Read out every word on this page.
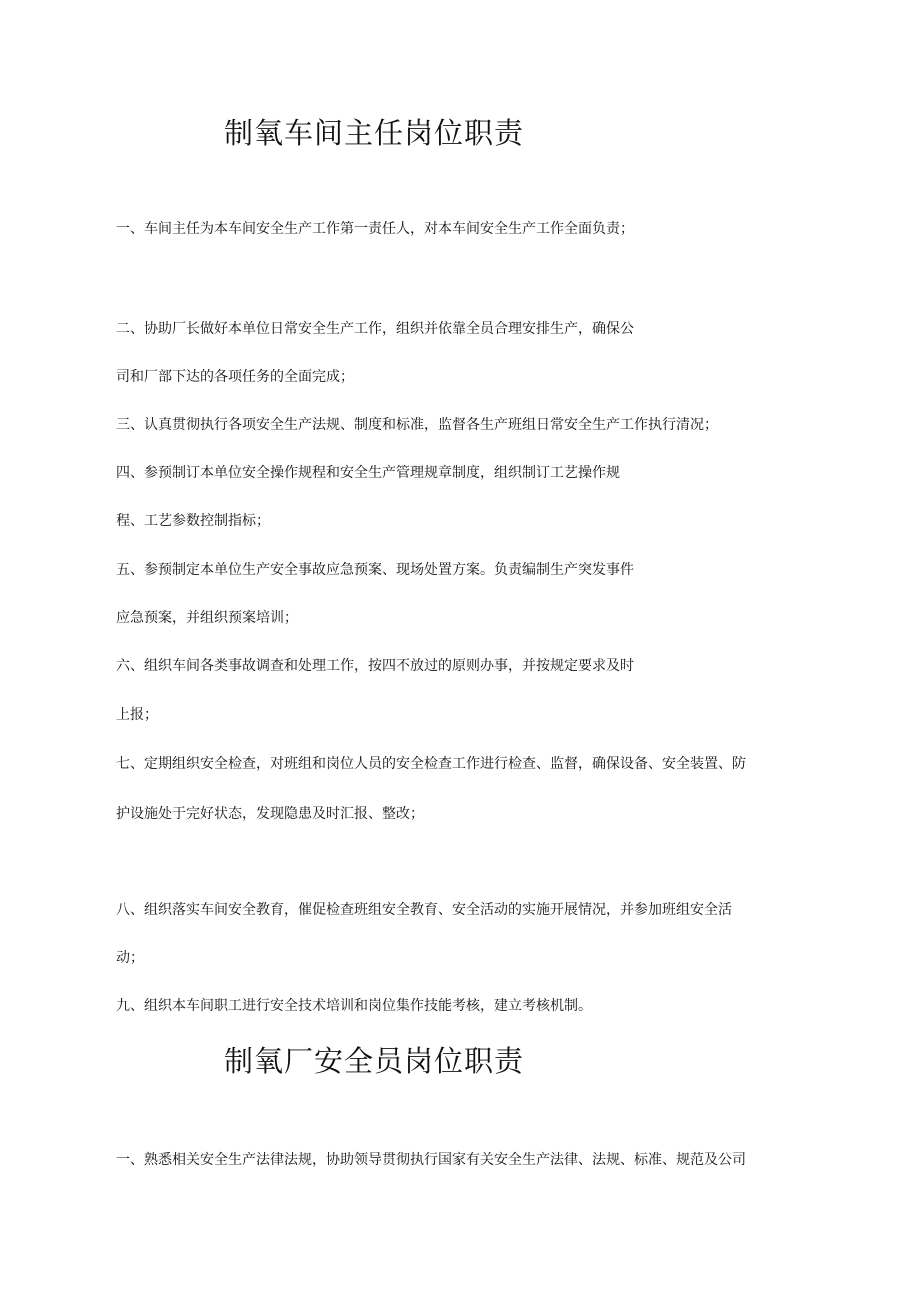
制氧车间主任岗位职责

一、车间主任为本车间安全生产工作第一责任人，对本车间安全生产工作全面负责；

二、协助厂长做好本单位日常安全生产工作，组织并依靠全员合理安排生产，确保公

司和厂部下达的各项任务的全面完成；

三、认真贯彻执行各项安全生产法规、制度和标准，监督各生产班组日常安全生产工作执行清况；

四、参预制订本单位安全操作规程和安全生产管理规章制度，组织制订工艺操作规

程、工艺参数控制指标；

五、参预制定本单位生产安全事故应急预案、现场处置方案。负责编制生产突发事件

应急预案，并组织预案培训；

六、组织车间各类事故调查和处理工作，按四不放过的原则办事，并按规定要求及时

上报；

七、定期组织安全检查，对班组和岗位人员的安全检查工作进行检查、监督，确保设备、安全装置、防

护设施处于完好状态，发现隐患及时汇报、整改；

八、组织落实车间安全教育，催促检查班组安全教育、安全活动的实施开展情况，并参加班组安全活

动；

九、组织本车间职工进行安全技术培训和岗位集作技能考核，建立考核机制。

制氧厂安全员岗位职责

一、熟悉相关安全生产法律法规，协助领导贯彻执行国家有关安全生产法律、法规、标准、规范及公司
